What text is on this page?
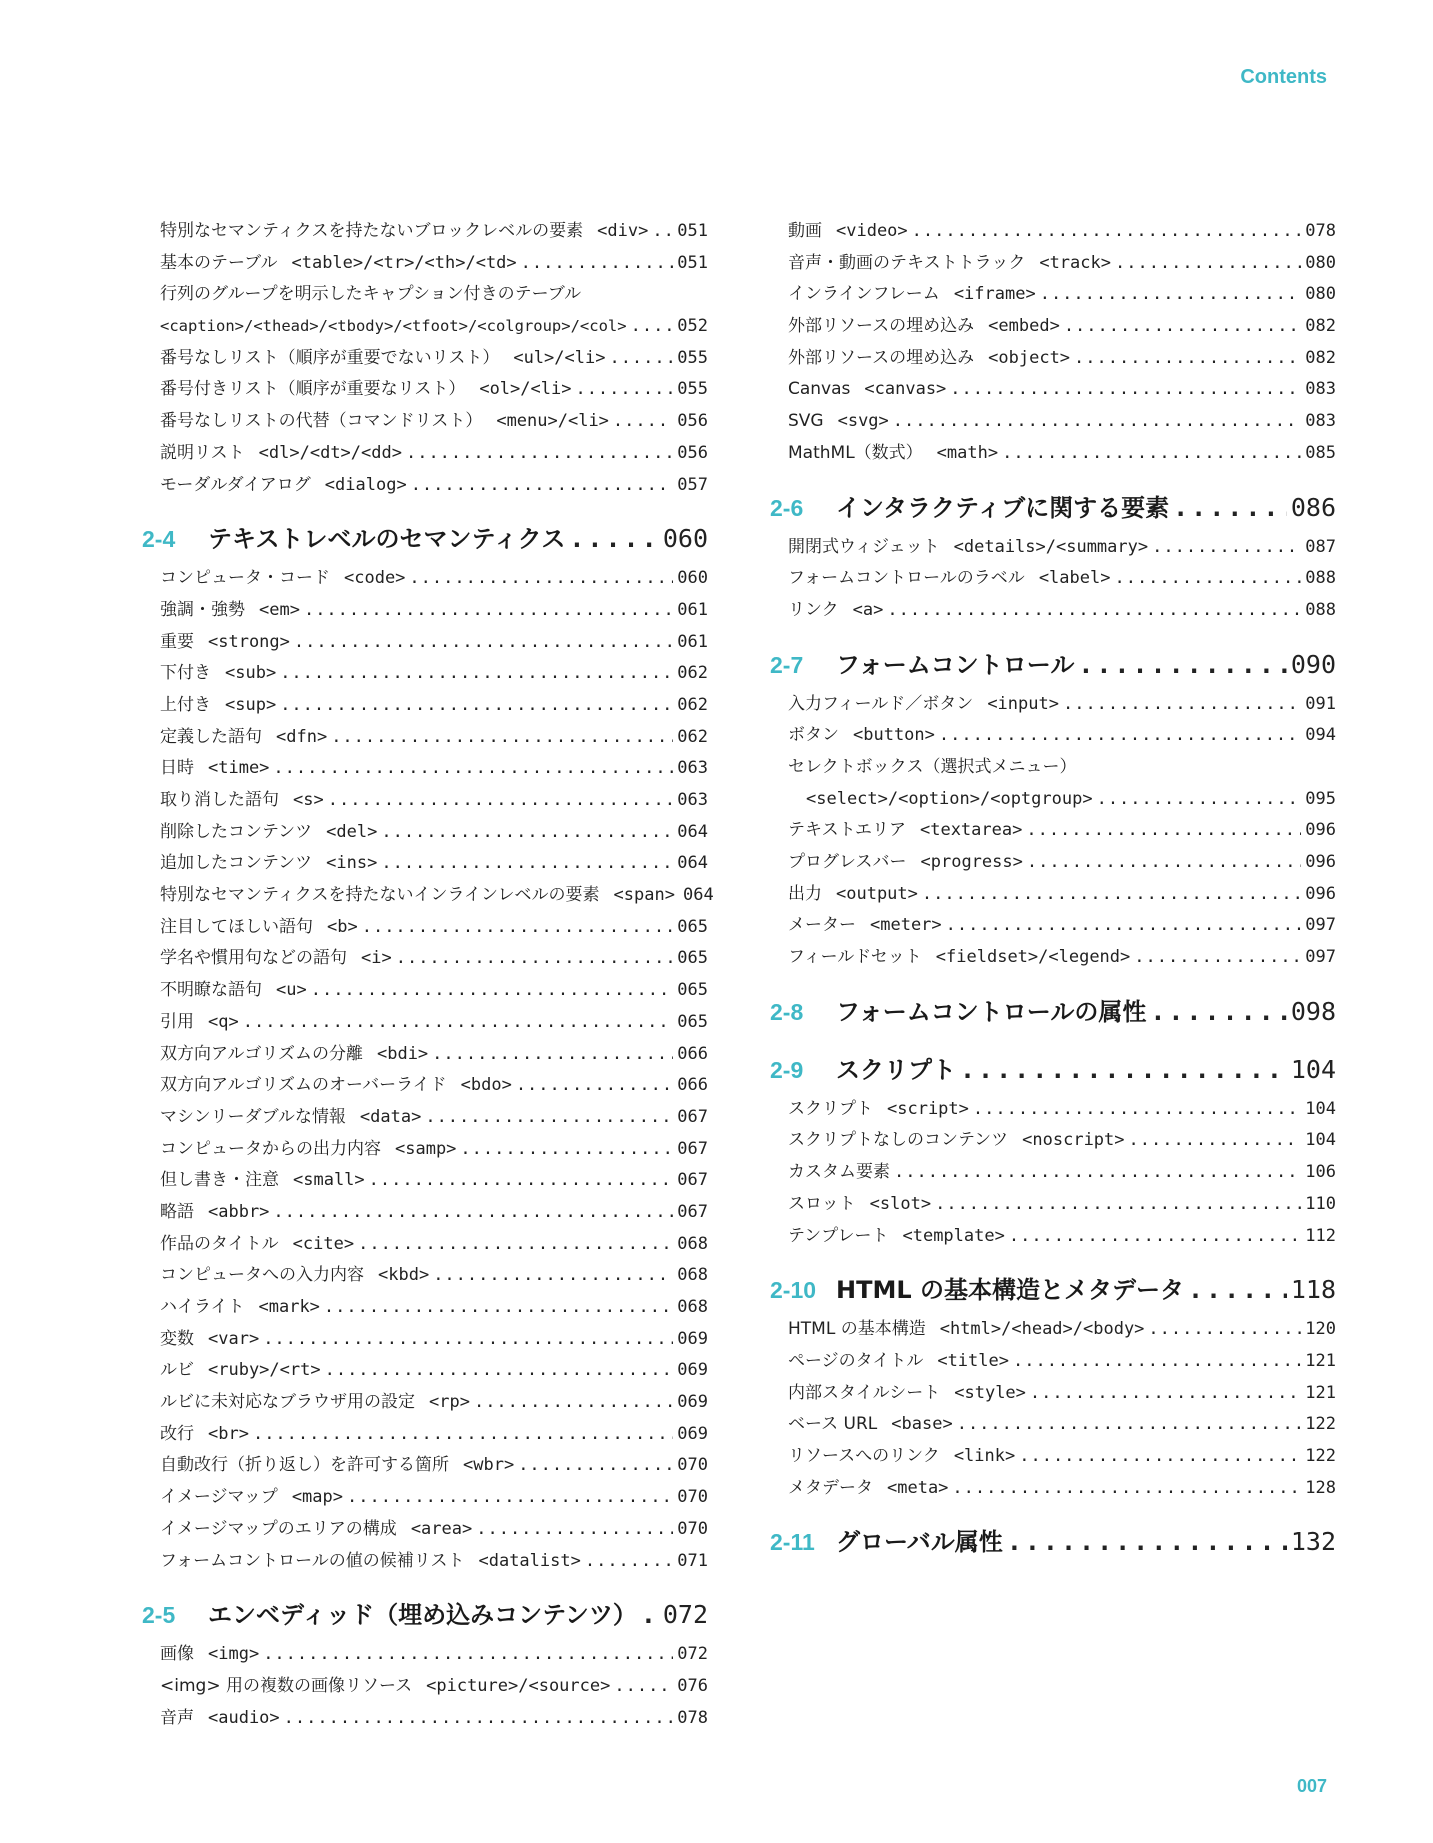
Contents
特別なセマンティクスを持たないブロックレベルの要素 <div> ..... 051
基本のテーブル <table>/<tr>/<th>/<td> .....	051
行列のグループを明示したキャプション付きのテーブル
<caption>/<thead>/<tbody>/<tfoot>/<colgroup>/<col> .....	052
番号なしリスト（順序が重要でないリスト） <ul>/<li> .....	055
番号付きリスト（順序が重要なリスト） <ol>/<li> .....	055
番号なしリストの代替（コマンドリスト） <menu>/<li> .....	056
説明リスト <dl>/<dt>/<dd> .....	056
モーダルダイアログ <dialog> .....	057
2-4	テキストレベルのセマンティクス .....	060
コンピュータ・コード <code> .....	060
強調・強勢 <em> .....	061
重要 <strong> .....	061
下付き <sub> .....	062
上付き <sup> .....	062
定義した語句 <dfn> .....	062
日時 <time> .....	063
取り消した語句 <s> .....	063
削除したコンテンツ <del> .....	064
追加したコンテンツ <ins> .....	064
特別なセマンティクスを持たないインラインレベルの要素 <span> 064
注目してほしい語句 <b> .....	065
学名や慣用句などの語句 <i> .....	065
不明瞭な語句 <u> .....	065
引用 <q> .....	065
双方向アルゴリズムの分離 <bdi> .....	066
双方向アルゴリズムのオーバーライド <bdo> .....	066
マシンリーダブルな情報 <data> .....	067
コンピュータからの出力内容 <samp> .....	067
但し書き・注意 <small> .....	067
略語 <abbr> .....	067
作品のタイトル <cite> .....	068
コンピュータへの入力内容 <kbd> .....	068
ハイライト <mark> .....	068
変数 <var> .....	069
ルビ <ruby>/<rt> .....	069
ルビに未対応なブラウザ用の設定 <rp> .....	069
改行 <br> .....	069
自動改行（折り返し）を許可する箇所 <wbr> .....	070
イメージマップ <map> .....	070
イメージマップのエリアの構成 <area> .....	070
フォームコントロールの値の候補リスト <datalist> .....	071
2-5	エンベディッド（埋め込みコンテンツ） ..... 072
画像 <img> .....	072
<img> 用の複数の画像リソース <picture>/<source> .....	076
音声 <audio> .....	078
動画 <video> .....	078
音声・動画のテキストトラック <track> .....	080
インラインフレーム <iframe> .....	080
外部リソースの埋め込み <embed> .....	082
外部リソースの埋め込み <object> .....	082
Canvas <canvas> .....	083
SVG <svg> .....	083
MathML（数式） <math> .....	085
2-6	インタラクティブに関する要素 .....	086
開閉式ウィジェット <details>/<summary> .....	087
フォームコントロールのラベル <label> .....	088
リンク <a> .....	088
2-7	フォームコントロール .....	090
入力フィールド／ボタン <input> .....	091
ボタン <button> .....	094
セレクトボックス（選択式メニュー）
<select>/<option>/<optgroup> .....	095
テキストエリア <textarea> .....	096
プログレスバー <progress> .....	096
出力 <output> .....	096
メーター <meter> .....	097
フィールドセット <fieldset>/<legend> .....	097
2-8	フォームコントロールの属性 .....	098
2-9	スクリプト .....	104
スクリプト <script> .....	104
スクリプトなしのコンテンツ <noscript> .....	104
カスタム要素 .....	106
スロット <slot> .....	110
テンプレート <template> .....	112
2-10 HTML の基本構造とメタデータ .....	118
HTML の基本構造 <html>/<head>/<body> .....	120
ページのタイトル <title> .....	121
内部スタイルシート <style> .....	121
ベース URL <base> .....	122
リソースへのリンク <link> .....	122
メタデータ <meta> .....	128
2-11 グローバル属性 .....	132
007
